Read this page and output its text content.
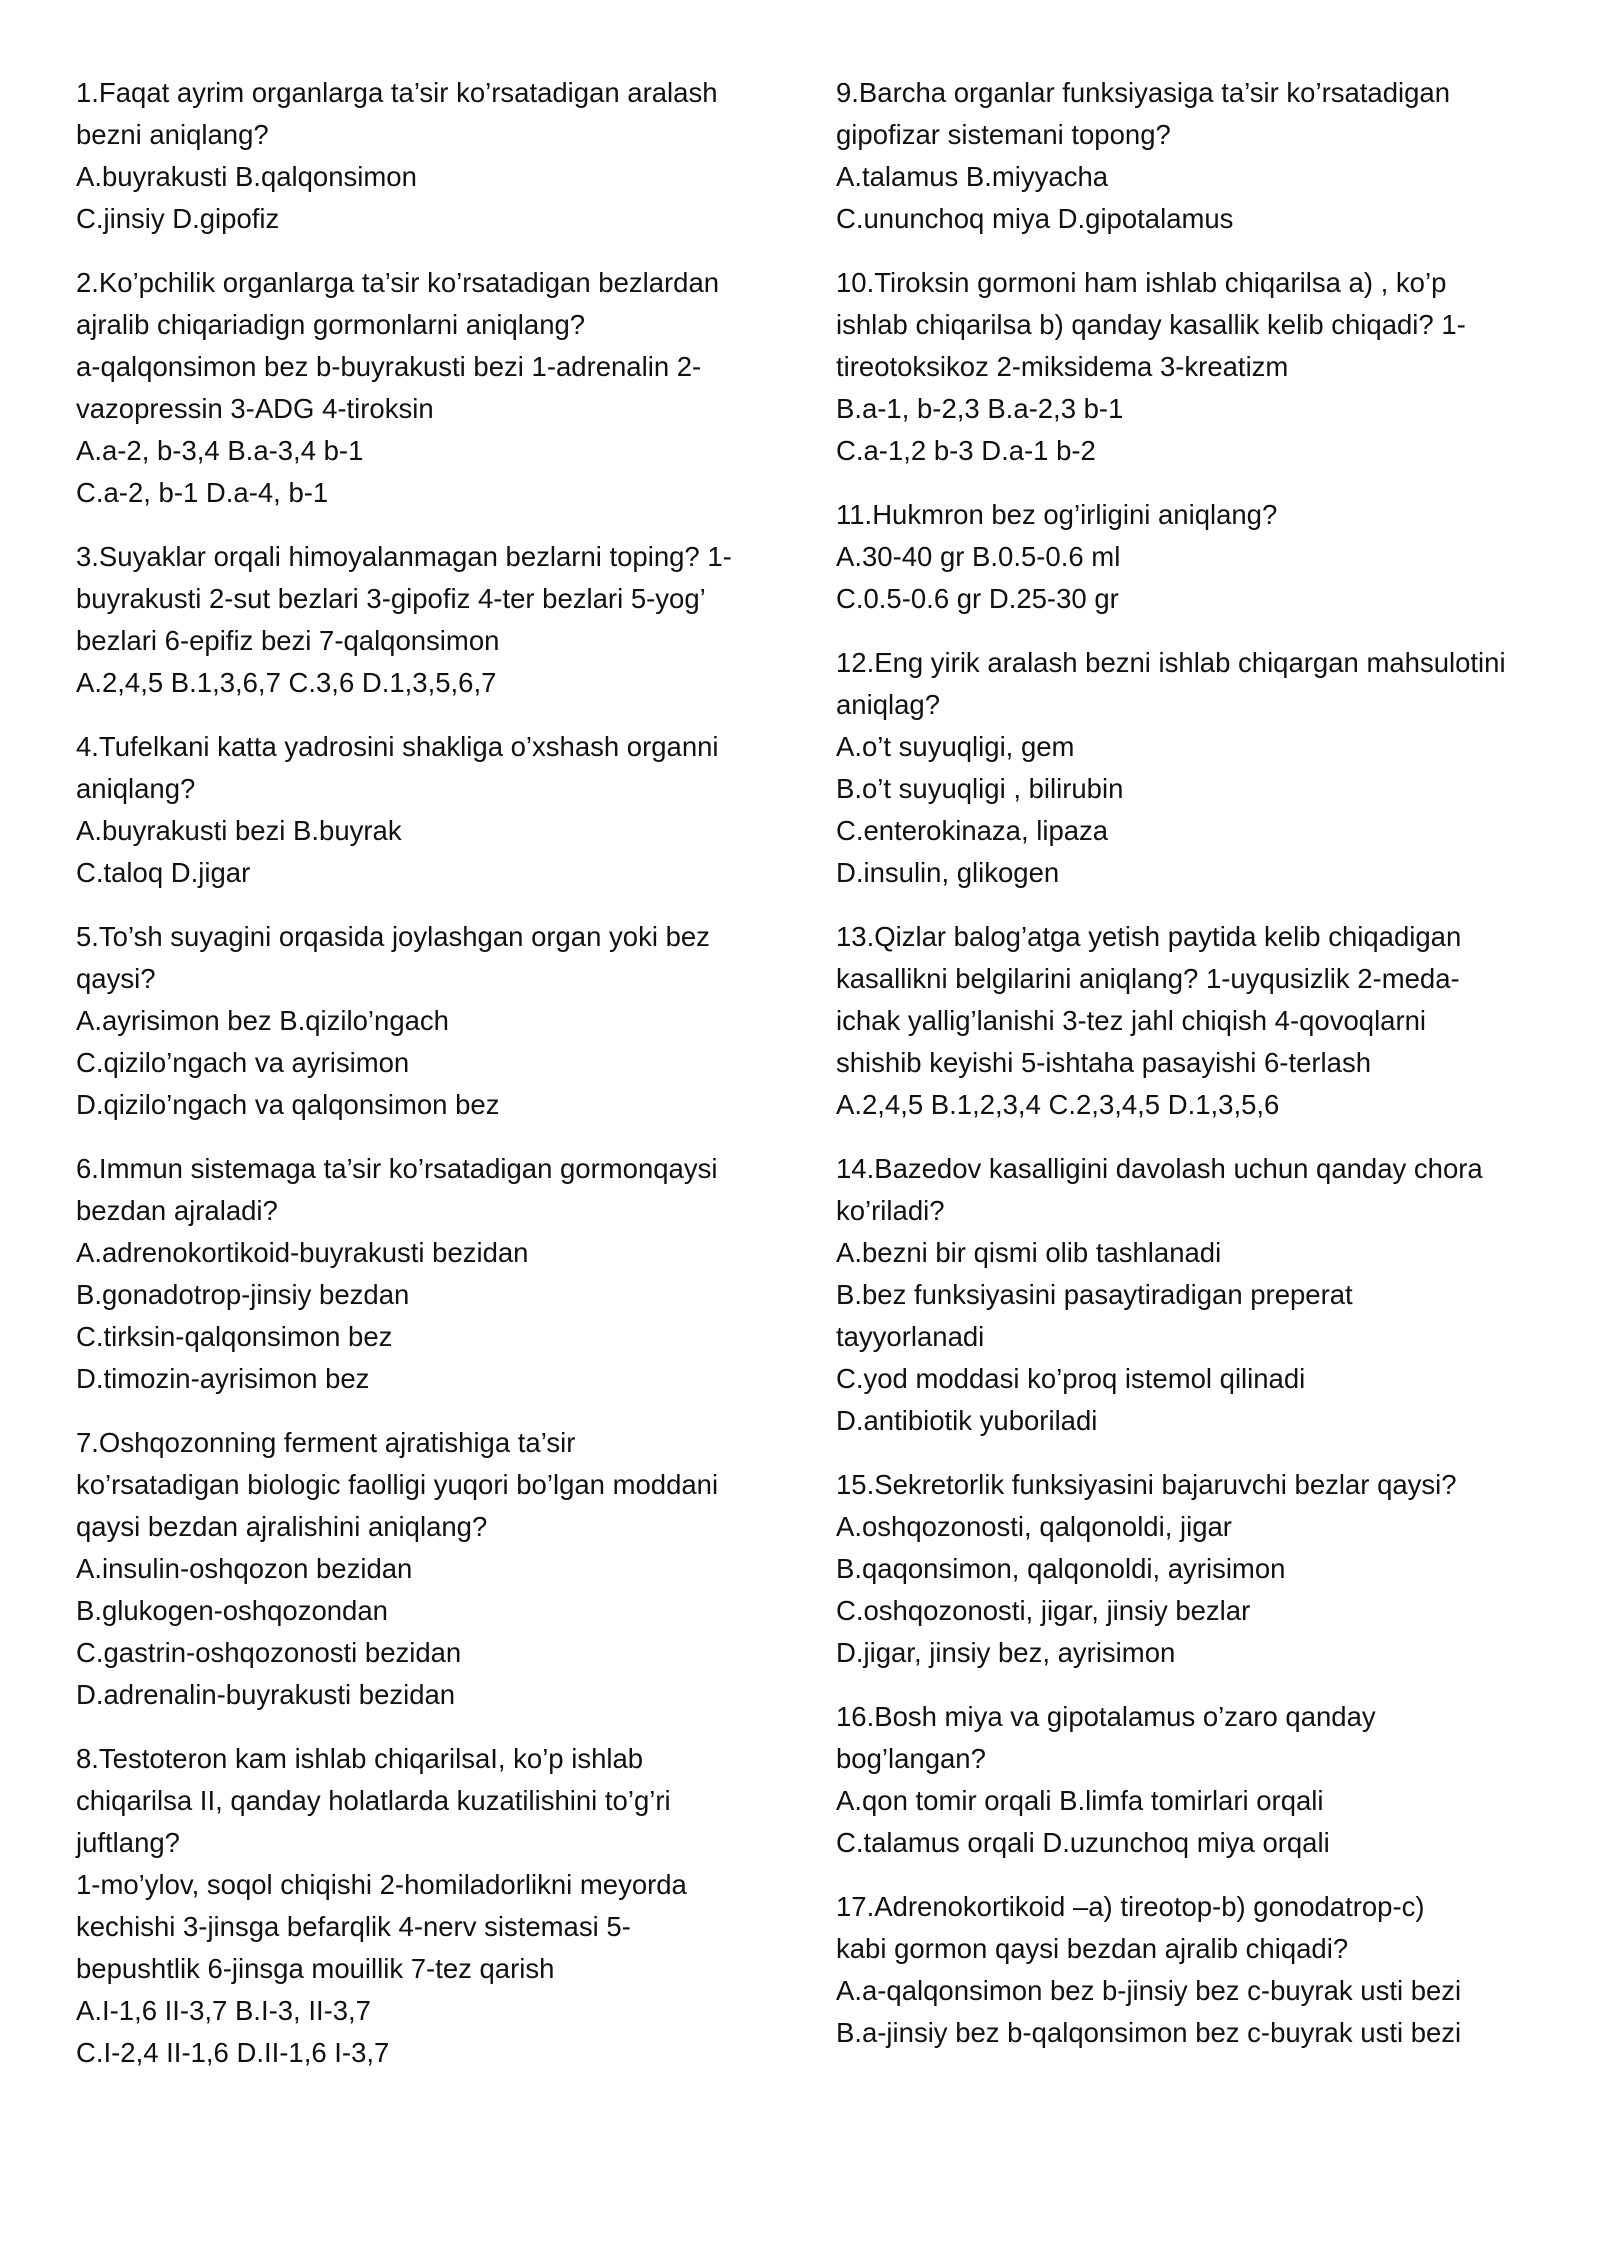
1.Faqat ayrim organlarga ta’sir ko’rsatadigan aralash
bezni aniqlang?
A.buyrakusti B.qalqonsimon
C.jinsiy D.gipofiz
2.Ko’pchilik organlarga ta’sir ko’rsatadigan bezlardan
ajralib chiqariadign gormonlarni aniqlang?
a-qalqonsimon bez b-buyrakusti bezi 1-adrenalin 2-
vazopressin 3-ADG 4-tiroksin
A.a-2, b-3,4 B.a-3,4 b-1
C.a-2, b-1 D.a-4, b-1
3.Suyaklar orqali himoyalanmagan bezlarni toping? 1-
buyrakusti 2-sut bezlari 3-gipofiz 4-ter bezlari 5-yog’
bezlari 6-epifiz bezi 7-qalqonsimon
A.2,4,5 B.1,3,6,7 C.3,6 D.1,3,5,6,7
4.Tufelkani katta yadrosini shakliga o’xshash organni
aniqlang?
A.buyrakusti bezi B.buyrak
C.taloq D.jigar
5.To’sh suyagini orqasida joylashgan organ yoki bez
qaysi?
A.ayrisimon bez B.qizilo’ngach
C.qizilo’ngach va ayrisimon
D.qizilo’ngach va qalqonsimon bez
6.Immun sistemaga ta’sir ko’rsatadigan gormonqaysi
bezdan ajraladi?
A.adrenokortikoid-buyrakusti bezidan
B.gonadotrop-jinsiy bezdan
C.tirksin-qalqonsimon bez
D.timozin-ayrisimon bez
7.Oshqozonning ferment ajratishiga ta’sir
ko’rsatadigan biologic faolligi yuqori bo’lgan moddani
qaysi bezdan ajralishini aniqlang?
A.insulin-oshqozon bezidan
B.glukogen-oshqozondan
C.gastrin-oshqozonosti bezidan
D.adrenalin-buyrakusti bezidan
8.Testoteron kam ishlab chiqarilsaI, ko’p ishlab
chiqarilsa II, qanday holatlarda kuzatilishini to’g’ri
juftlang?
1-mo’ylov, soqol chiqishi 2-homiladorlikni meyorda
kechishi 3-jinsga befarqlik 4-nerv sistemasi 5-
bepushtlik 6-jinsga mouillik 7-tez qarish
A.I-1,6 II-3,7 B.I-3, II-3,7
C.I-2,4 II-1,6 D.II-1,6 I-3,7
9.Barcha organlar funksiyasiga ta’sir ko’rsatadigan
gipofizar sistemani topong?
A.talamus B.miyyacha
C.ununchoq miya D.gipotalamus
10.Tiroksin gormoni ham ishlab chiqarilsa a) , ko’p
ishlab chiqarilsa b) qanday kasallik kelib chiqadi? 1-
tireotoksikoz 2-miksidema 3-kreatizm
B.a-1, b-2,3 B.a-2,3 b-1
C.a-1,2 b-3 D.a-1 b-2
11.Hukmron bez og’irligini aniqlang?
A.30-40 gr B.0.5-0.6 ml
C.0.5-0.6 gr D.25-30 gr
12.Eng yirik aralash bezni ishlab chiqargan mahsulotini
aniqlag?
A.o’t suyuqligi, gem
B.o’t suyuqligi , bilirubin
C.enterokinaza, lipaza
D.insulin, glikogen
13.Qizlar balog’atga yetish paytida kelib chiqadigan
kasallikni belgilarini aniqlang? 1-uyqusizlik 2-meda-
ichak yallig’lanishi 3-tez jahl chiqish 4-qovoqlarni
shishib keyishi 5-ishtaha pasayishi 6-terlash
A.2,4,5 B.1,2,3,4 C.2,3,4,5 D.1,3,5,6
14.Bazedov kasalligini davolash uchun qanday chora
ko’riladi?
A.bezni bir qismi olib tashlanadi
B.bez funksiyasini pasaytiradigan preperat
tayyorlanadi
C.yod moddasi ko’proq istemol qilinadi
D.antibiotik yuboriladi
15.Sekretorlik funksiyasini bajaruvchi bezlar qaysi?
A.oshqozonosti, qalqonoldi, jigar
B.qaqonsimon, qalqonoldi, ayrisimon
C.oshqozonosti, jigar, jinsiy bezlar
D.jigar, jinsiy bez, ayrisimon
16.Bosh miya va gipotalamus o’zaro qanday
bog’langan?
A.qon tomir orqali B.limfa tomirlari orqali
C.talamus orqali D.uzunchoq miya orqali
17.Adrenokortikoid –a) tireotop-b) gonodatrop-c)
kabi gormon qaysi bezdan ajralib chiqadi?
A.a-qalqonsimon bez b-jinsiy bez c-buyrak usti bezi
B.a-jinsiy bez b-qalqonsimon bez c-buyrak usti bezi
